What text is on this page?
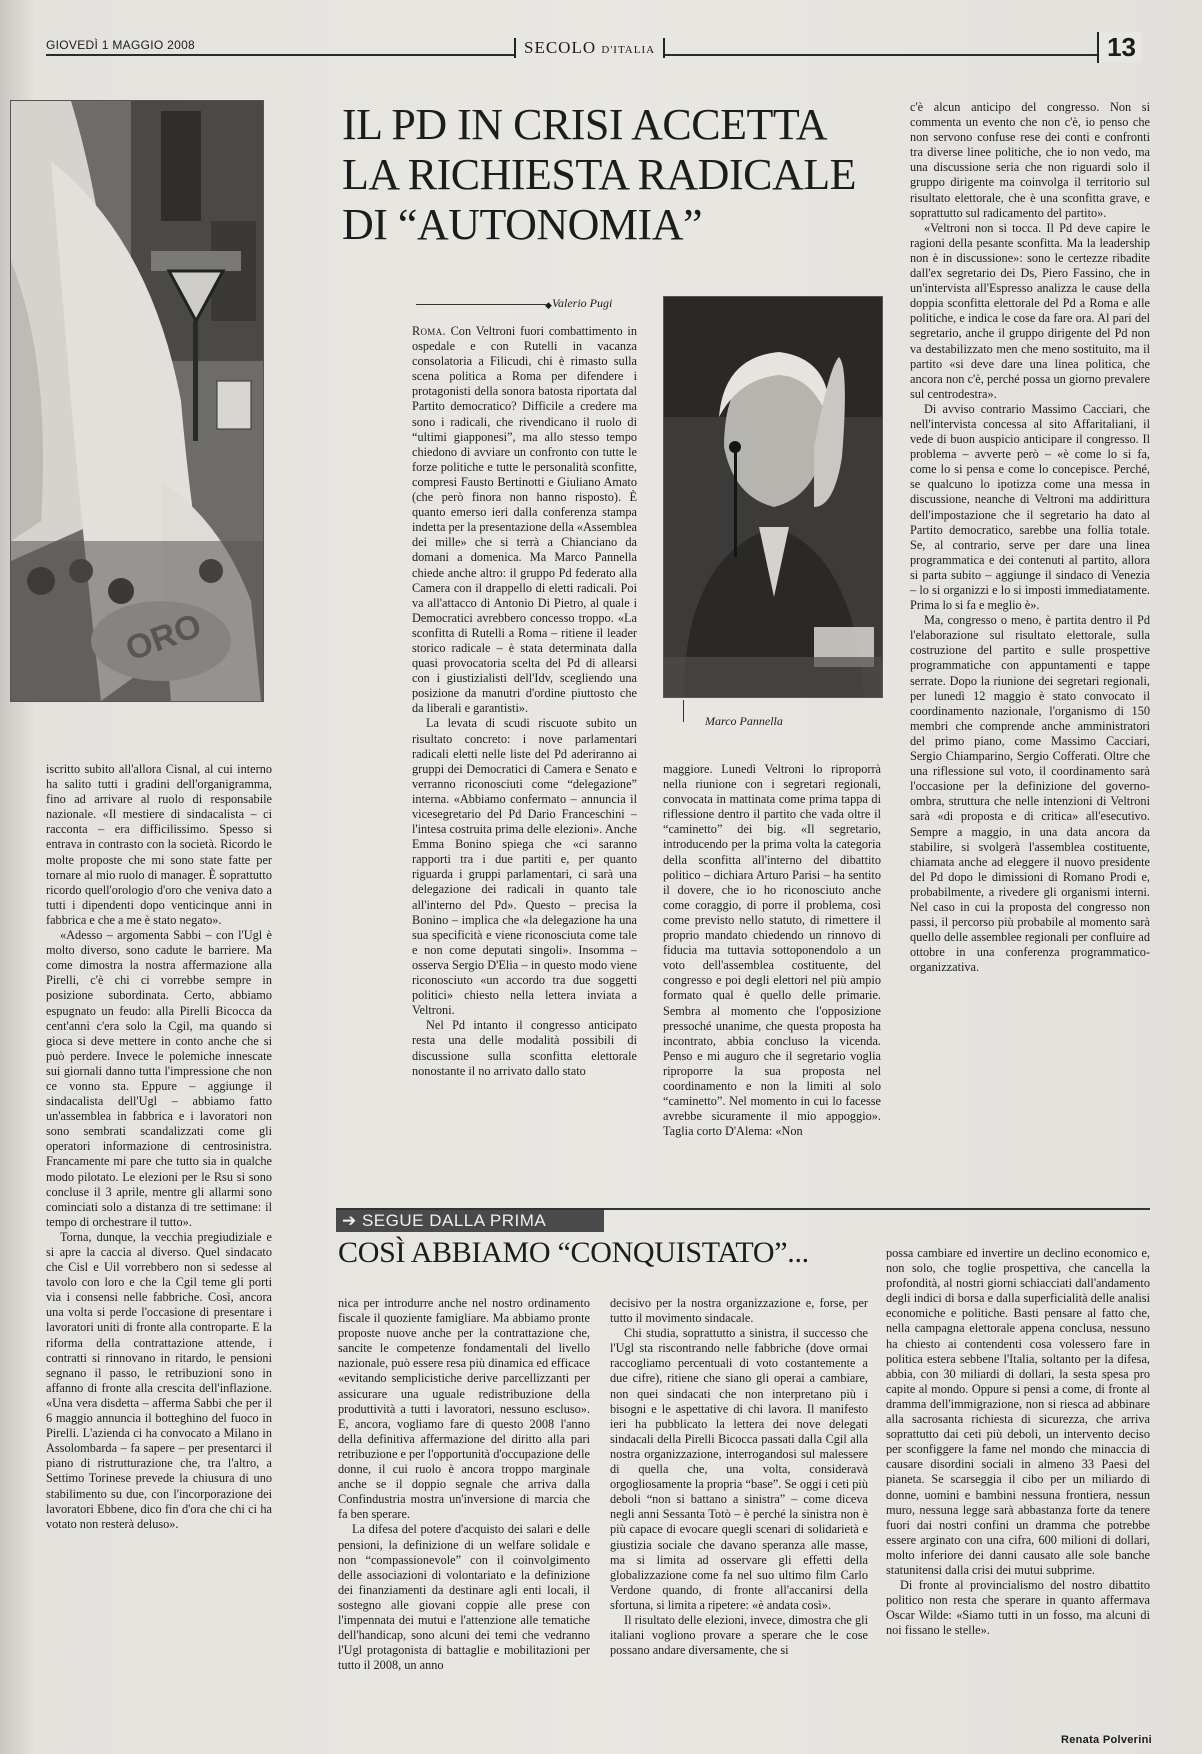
GIOVEDÌ 1 MAGGIO 2008	SECOLO D'ITALIA	13
IL PD IN CRISI ACCETTA LA RICHIESTA RADICALE DI “AUTONOMIA”
◆ Valerio Pugi

Roma. Con Veltroni fuori combattimento in ospedale e con Rutelli in vacanza consolatoria a Filicudi, chi è rimasto sulla scena politica a Roma per difendere i protagonisti della sonora batosta riportata dal Partito democratico? Difficile a credere ma sono i radicali, che rivendicano il ruolo di “ultimi giapponesi”, ma allo stesso tempo chiedono di avviare un confronto con tutte le forze politiche e tutte le personalità sconfitte, compresi Fausto Bertinotti e Giuliano Amato (che però finora non hanno risposto). È quanto emerso ieri dalla conferenza stampa indetta per la presentazione della «Assemblea dei mille» che si terrà a Chianciano da domani a domenica. Ma Marco Pannella chiede anche altro: il gruppo Pd federato alla Camera con il drappello di eletti radicali. Poi va all'attacco di Antonio Di Pietro, al quale i Democratici avrebbero concesso troppo. «La sconfitta di Rutelli a Roma – ritiene il leader storico radicale – è stata determinata dalla quasi provocatoria scelta del Pd di allearsi con i giustizialisti dell'Idv, scegliendo una posizione da manutri d'ordine piuttosto che da liberali e garantisti».

La levata di scudi riscuote subito un risultato concreto: i nove parlamentari radicali eletti nelle liste del Pd aderiranno ai gruppi dei Democratici di Camera e Senato e verranno riconosciuti come “delegazione” interna. «Abbiamo confermato – annuncia il vicesegretario del Pd Dario Franceschini – l'intesa costruita prima delle elezioni». Anche Emma Bonino spiega che «ci saranno rapporti tra i due partiti e, per quanto riguarda i gruppi parlamentari, ci sarà una delegazione dei radicali in quanto tale all'interno del Pd». Questo – precisa la Bonino – implica che «la delegazione ha una sua specificità e viene riconosciuta come tale e non come deputati singoli». Insomma – osserva Sergio D'Elia – in questo modo viene riconosciuto «un accordo tra due soggetti politici» chiesto nella lettera inviata a Veltroni.

Nel Pd intanto il congresso anticipato resta una delle modalità possibili di discussione sulla sconfitta elettorale nonostante il no arrivato dallo stato

Marco Pannella

maggiore. Lunedì Veltroni lo riproporrà nella riunione con i segretari regionali, convocata in mattinata come prima tappa di riflessione dentro il partito che vada oltre il “caminetto” dei big. «Il segretario, introducendo per la prima volta la categoria della sconfitta all'interno del dibattito politico – dichiara Arturo Parisi – ha sentito il dovere, che io ho riconosciuto anche come coraggio, di porre il problema, così come previsto nello statuto, di rimettere il proprio mandato chiedendo un rinnovo di fiducia ma tuttavia sottoponendolo a un voto dell'assemblea costituente, del congresso e poi degli elettori nel più ampio formato qual è quello delle primarie. Sembra al momento che l'opposizione pressoché unanime, che questa proposta ha incontrato, abbia concluso la vicenda. Penso e mi auguro che il segretario voglia riproporre la sua proposta nel coordinamento e non la limiti al solo “caminetto”. Nel momento in cui lo facesse avrebbe sicuramente il mio appoggio». Tagliа corto D'Alema: «Non

c'è alcun anticipo del congresso. Non si commenta un evento che non c'è, io penso che non servono confuse rese dei conti e confronti tra diverse linee politiche, che io non vedo, ma una discussione seria che non riguardi solo il gruppo dirigente ma coinvolga il territorio sul risultato elettorale, che è una sconfitta grave, e soprattutto sul radicamento del partito».

«Veltroni non si tocca. Il Pd deve capire le ragioni della pesante sconfitta. Ma la leadership non è in discussione»: sono le certezze ribadite dall'ex segretario dei Ds, Piero Fassino, che in un'intervista all'Espresso analizza le cause della doppia sconfitta elettorale del Pd a Roma e alle politiche, e indica le cose da fare ora. Al pari del segretario, anche il gruppo dirigente del Pd non va destabilizzato men che meno sostituito, ma il partito «si deve dare una linea politica, che ancora non c'è, perché possa un giorno prevalere sul centrodestra».

Di avviso contrario Massimo Cacciari, che nell'intervista concessa al sito Affaritaliani, il vede di buon auspicio anticipare il congresso. Il problema – avverte però – «è come lo si fa, come lo si pensa e come lo concepisce. Perché, se qualcuno lo ipotizza come una messa in discussione, neanche di Veltroni ma addirittura dell'impostazione che il segretario ha dato al Partito democratico, sarebbe una follia totale. Se, al contrario, serve per dare una linea programmatica e dei contenuti al partito, allora si parta subito – aggiunge il sindaco di Venezia – lo si organizzi e lo si imposti immediatamente. Prima lo si fa e meglio è».

Ma, congresso o meno, è partita dentro il Pd l'elaborazione sul risultato elettorale, sulla costruzione del partito e sulle prospettive programmatiche con appuntamenti e tappe serrate. Dopo la riunione dei segretari regionali, per lunedì 12 maggio è stato convocato il coordinamento nazionale, l'organismo di 150 membri che comprende anche amministratori del primo piano, come Massimo Cacciari, Sergio Chiamparino, Sergio Cofferati. Oltre che una riflessione sul voto, il coordinamento sarà l'occasione per la definizione del governo-ombra, struttura che nelle intenzioni di Veltroni sarà «di proposta e di critica» all'esecutivo. Sempre a maggio, in una data ancora da stabilire, si svolgerà l'assemblea costituente, chiamata anche ad eleggere il nuovo presidente del Pd dopo le dimissioni di Romano Prodi e, probabilmente, a rivedere gli organismi interni. Nel caso in cui la proposta del congresso non passi, il percorso più probabile al momento sarà quello delle assemblee regionali per confluire ad ottobre in una conferenza programmatico-organizzativa.

iscritto subito all'allora Cisnal, al cui interno ha salito tutti i gradini dell'organigramma, fino ad arrivare al ruolo di responsabile nazionale. «Il mestiere di sindacalista – ci racconta – era difficilissimo. Spesso si entrava in contrasto con la società. Ricordo le molte proposte che mi sono state fatte per tornare al mio ruolo di manager. È soprattutto ricordo quell'orologio d'oro che veniva dato a tutti i dipendenti dopo venticinque anni in fabbrica e che a me è stato negato».

«Adesso – argomenta Sabbi – con l'Ugl è molto diverso, sono cadute le barriere. Ma come dimostra la nostra affermazione alla Pirelli, c'è chi ci vorrebbe sempre in posizione subordinata. Certo, abbiamo espugnato un feudo: alla Pirelli Bicocca da cent'anni c'era solo la Cgil, ma quando si gioca si deve mettere in conto anche che si può perdere. Invece le polemiche innescate sui giornali danno tutta l'impressione che non ce vonno sta. Eppure – aggiunge il sindacalista dell'Ugl – abbiamo fatto un'assemblea in fabbrica e i lavoratori non sono sembrati scandalizzati come gli operatori informazione di centrosinistra. Francamente mi pare che tutto sia in qualche modo pilotato. Le elezioni per le Rsu si sono concluse il 3 aprile, mentre gli allarmi sono cominciati solo a distanza di tre settimane: il tempo di orchestrare il tutto».

Torna, dunque, la vecchia pregiudiziale e si apre la caccia al diverso. Quel sindacato che Cisl e Uil vorrebbero non si sedesse al tavolo con loro e che la Cgil teme gli porti via i consensi nelle fabbriche. Così, ancora una volta si perde l'occasione di presentare i lavoratori uniti di fronte alla controparte. E la riforma della contrattazione attende, i contratti si rinnovano in ritardo, le pensioni segnano il passo, le retribuzioni sono in affanno di fronte alla crescita dell'inflazione. «Una vera disdetta – afferma Sabbi che per il 6 maggio annuncia il botteghino del fuoco in Pirelli. L'azienda ci ha convocato a Milano in Assolombarda – fa sapere – per presentarci il piano di ristrutturazione che, tra l'altro, a Settimo Torinese prevede la chiusura di uno stabilimento su due, con l'incorporazione dei lavoratori Ebbene, dico fin d'ora che chi ci ha votato non resterà deluso».

➔ SEGUE DALLA PRIMA
COSÌ ABBIAMO “CONQUISTATO”...

nica per introdurre anche nel nostro ordinamento fiscale il quoziente famigliare. Ma abbiamo pronte proposte nuove anche per la contrattazione che, sancite le competenze fondamentali del livello nazionale, può essere resa più dinamica ed efficace «evitando semplicistiche derive parcellizzanti per assicurare una uguale redistribuzione della produttività a tutti i lavoratori, nessuno escluso». E, ancora, vogliamo fare di questo 2008 l'anno della definitiva affermazione del diritto alla pari retribuzione e per l'opportunità d'occupazione delle donne, il cui ruolo è ancora troppo marginale anche se il doppio segnale che arriva dalla Confindustria mostra un'inversione di marcia che fa ben sperare.

La difesa del potere d'acquisto dei salari e delle pensioni, la definizione di un welfare solidale e non “compassionevole” con il coinvolgimento delle associazioni di volontariato e la definizione dei finanziamenti da destinare agli enti locali, il sostegno alle giovani coppie alle prese con l'impennata dei mutui e l'attenzione alle tematiche dell'handicap, sono alcuni dei temi che vedranno l'Ugl protagonista di battaglie e mobilitazioni per tutto il 2008, un anno

decisivo per la nostra organizzazione e, forse, per tutto il movimento sindacale.

Chi studia, soprattutto a sinistra, il successo che l'Ugl sta riscontrando nelle fabbriche (dove ormai raccogliamo percentuali di voto costantemente a due cifre), ritiene che siano gli operai a cambiare, non quei sindacati che non interpretano più i bisogni e le aspettative di chi lavora. Il manifesto ieri ha pubblicato la lettera dei nove delegati sindacali della Pirelli Bicocca passati dalla Cgil alla nostra organizzazione, interrogandosi sul malessere di quella che, una volta, consideravà orgogliosamente la propria “base”. Se oggi i ceti più deboli “non si battano a sinistra” – come diceva negli anni Sessanta Totò – è perché la sinistra non è più capace di evocare quegli scenari di solidarietà e giustizia sociale che davano speranza alle masse, ma si limita ad osservare gli effetti della globalizzazione come fa nel suo ultimo film Carlo Verdone quando, di fronte all'accanirsi della sfortuna, si limita a ripetere: «è andata così».

Il risultato delle elezioni, invece, dimostra che gli italiani vogliono provare a sperare che le cose possano andare diversamente, che si

possa cambiare ed invertire un declino economico e, non solo, che toglie prospettiva, che cancella la profondità, al nostri giorni schiacciati dall'andamento degli indici di borsa e dalla superficialità delle analisi economiche e politiche. Basti pensare al fatto che, nella campagna elettorale appena conclusa, nessuno ha chiesto ai contendenti cosa volessero fare in politica estera sebbene l'Italia, soltanto per la difesa, abbia, con 30 miliardi di dollari, la sesta spesa pro capite al mondo. Oppure si pensi a come, di fronte al dramma dell'immigrazione, non si riesca ad abbinare alla sacrosanta richiesta di sicurezza, che arriva soprattutto dai ceti più deboli, un intervento deciso per sconfiggere la fame nel mondo che minaccia di causare disordini sociali in almeno 33 Paesi del pianeta. Se scarseggia il cibo per un miliardo di donne, uomini e bambini nessuna frontiera, nessun muro, nessuna legge sarà abbastanza forte da tenere fuori dai nostri confini un dramma che potrebbe essere arginato con una cifra, 600 milioni di dollari, molto inferiore dei danni causato alle sole banche statunitensi dalla crisi dei mutui subprime.

Di fronte al provincialismo del nostro dibattito politico non resta che sperare in quanto affermava Oscar Wilde: «Siamo tutti in un fosso, ma alcuni di noi fissano le stelle».

Renata Polverini
